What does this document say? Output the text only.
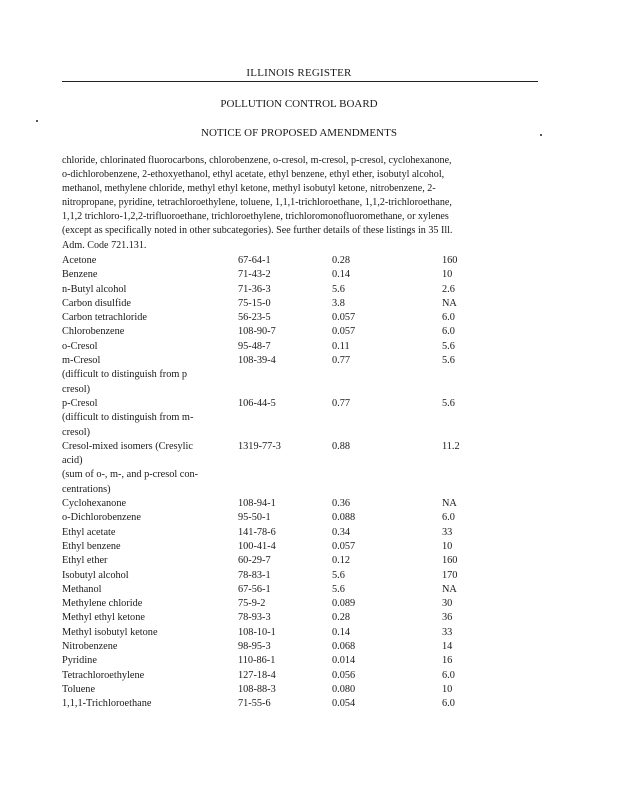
ILLINOIS REGISTER
POLLUTION CONTROL BOARD
NOTICE OF PROPOSED AMENDMENTS
chloride, chlorinated fluorocarbons, chlorobenzene, o-cresol, m-cresol, p-cresol, cyclohexanone,
o-dichlorobenzene, 2-ethoxyethanol, ethyl acetate, ethyl benzene, ethyl ether, isobutyl alcohol,
methanol, methylene chloride, methyl ethyl ketone, methyl isobutyl ketone, nitrobenzene, 2-
nitropropane, pyridine, tetrachloroethylene, toluene, 1,1,1-trichloroethane, 1,1,2-trichloroethane,
1,1,2 trichloro-1,2,2-trifluoroethane, trichloroethylene, trichloromonofluoromethane, or xylenes
(except as specifically noted in other subcategories). See further details of these listings in 35 Ill.
Adm. Code 721.131.
Acetone	67-64-1	0.28	160
Benzene	71-43-2	0.14	10
n-Butyl alcohol	71-36-3	5.6	2.6
Carbon disulfide	75-15-0	3.8	NA
Carbon tetrachloride	56-23-5	0.057	6.0
Chlorobenzene	108-90-7	0.057	6.0
o-Cresol	95-48-7	0.11	5.6
m-Cresol
(difficult to distinguish from p
cresol)
108-39-4	0.77	5.6
p-Cresol
(difficult to distinguish from m-
cresol)
106-44-5	0.77	5.6
Cresol-mixed isomers (Cresylic
acid)
(sum of o-, m-, and p-cresol con-
centrations)
1319-77-3	0.88	11.2
Cyclohexanone	108-94-1	0.36	NA
o-Dichlorobenzene	95-50-1	0.088	6.0
Ethyl acetate	141-78-6	0.34	33
Ethyl benzene	100-41-4	0.057	10
Ethyl ether	60-29-7	0.12	160
Isobutyl alcohol	78-83-1	5.6	170
Methanol	67-56-1	5.6	NA
Methylene chloride	75-9-2	0.089	30
Methyl ethyl ketone	78-93-3	0.28	36
Methyl isobutyl ketone	108-10-1	0.14	33
Nitrobenzene	98-95-3	0.068	14
Pyridine	110-86-1	0.014	16
Tetrachloroethylene	127-18-4	0.056	6.0
Toluene	108-88-3	0.080	10
1,1,1-Trichloroethane	71-55-6	0.054	6.0
